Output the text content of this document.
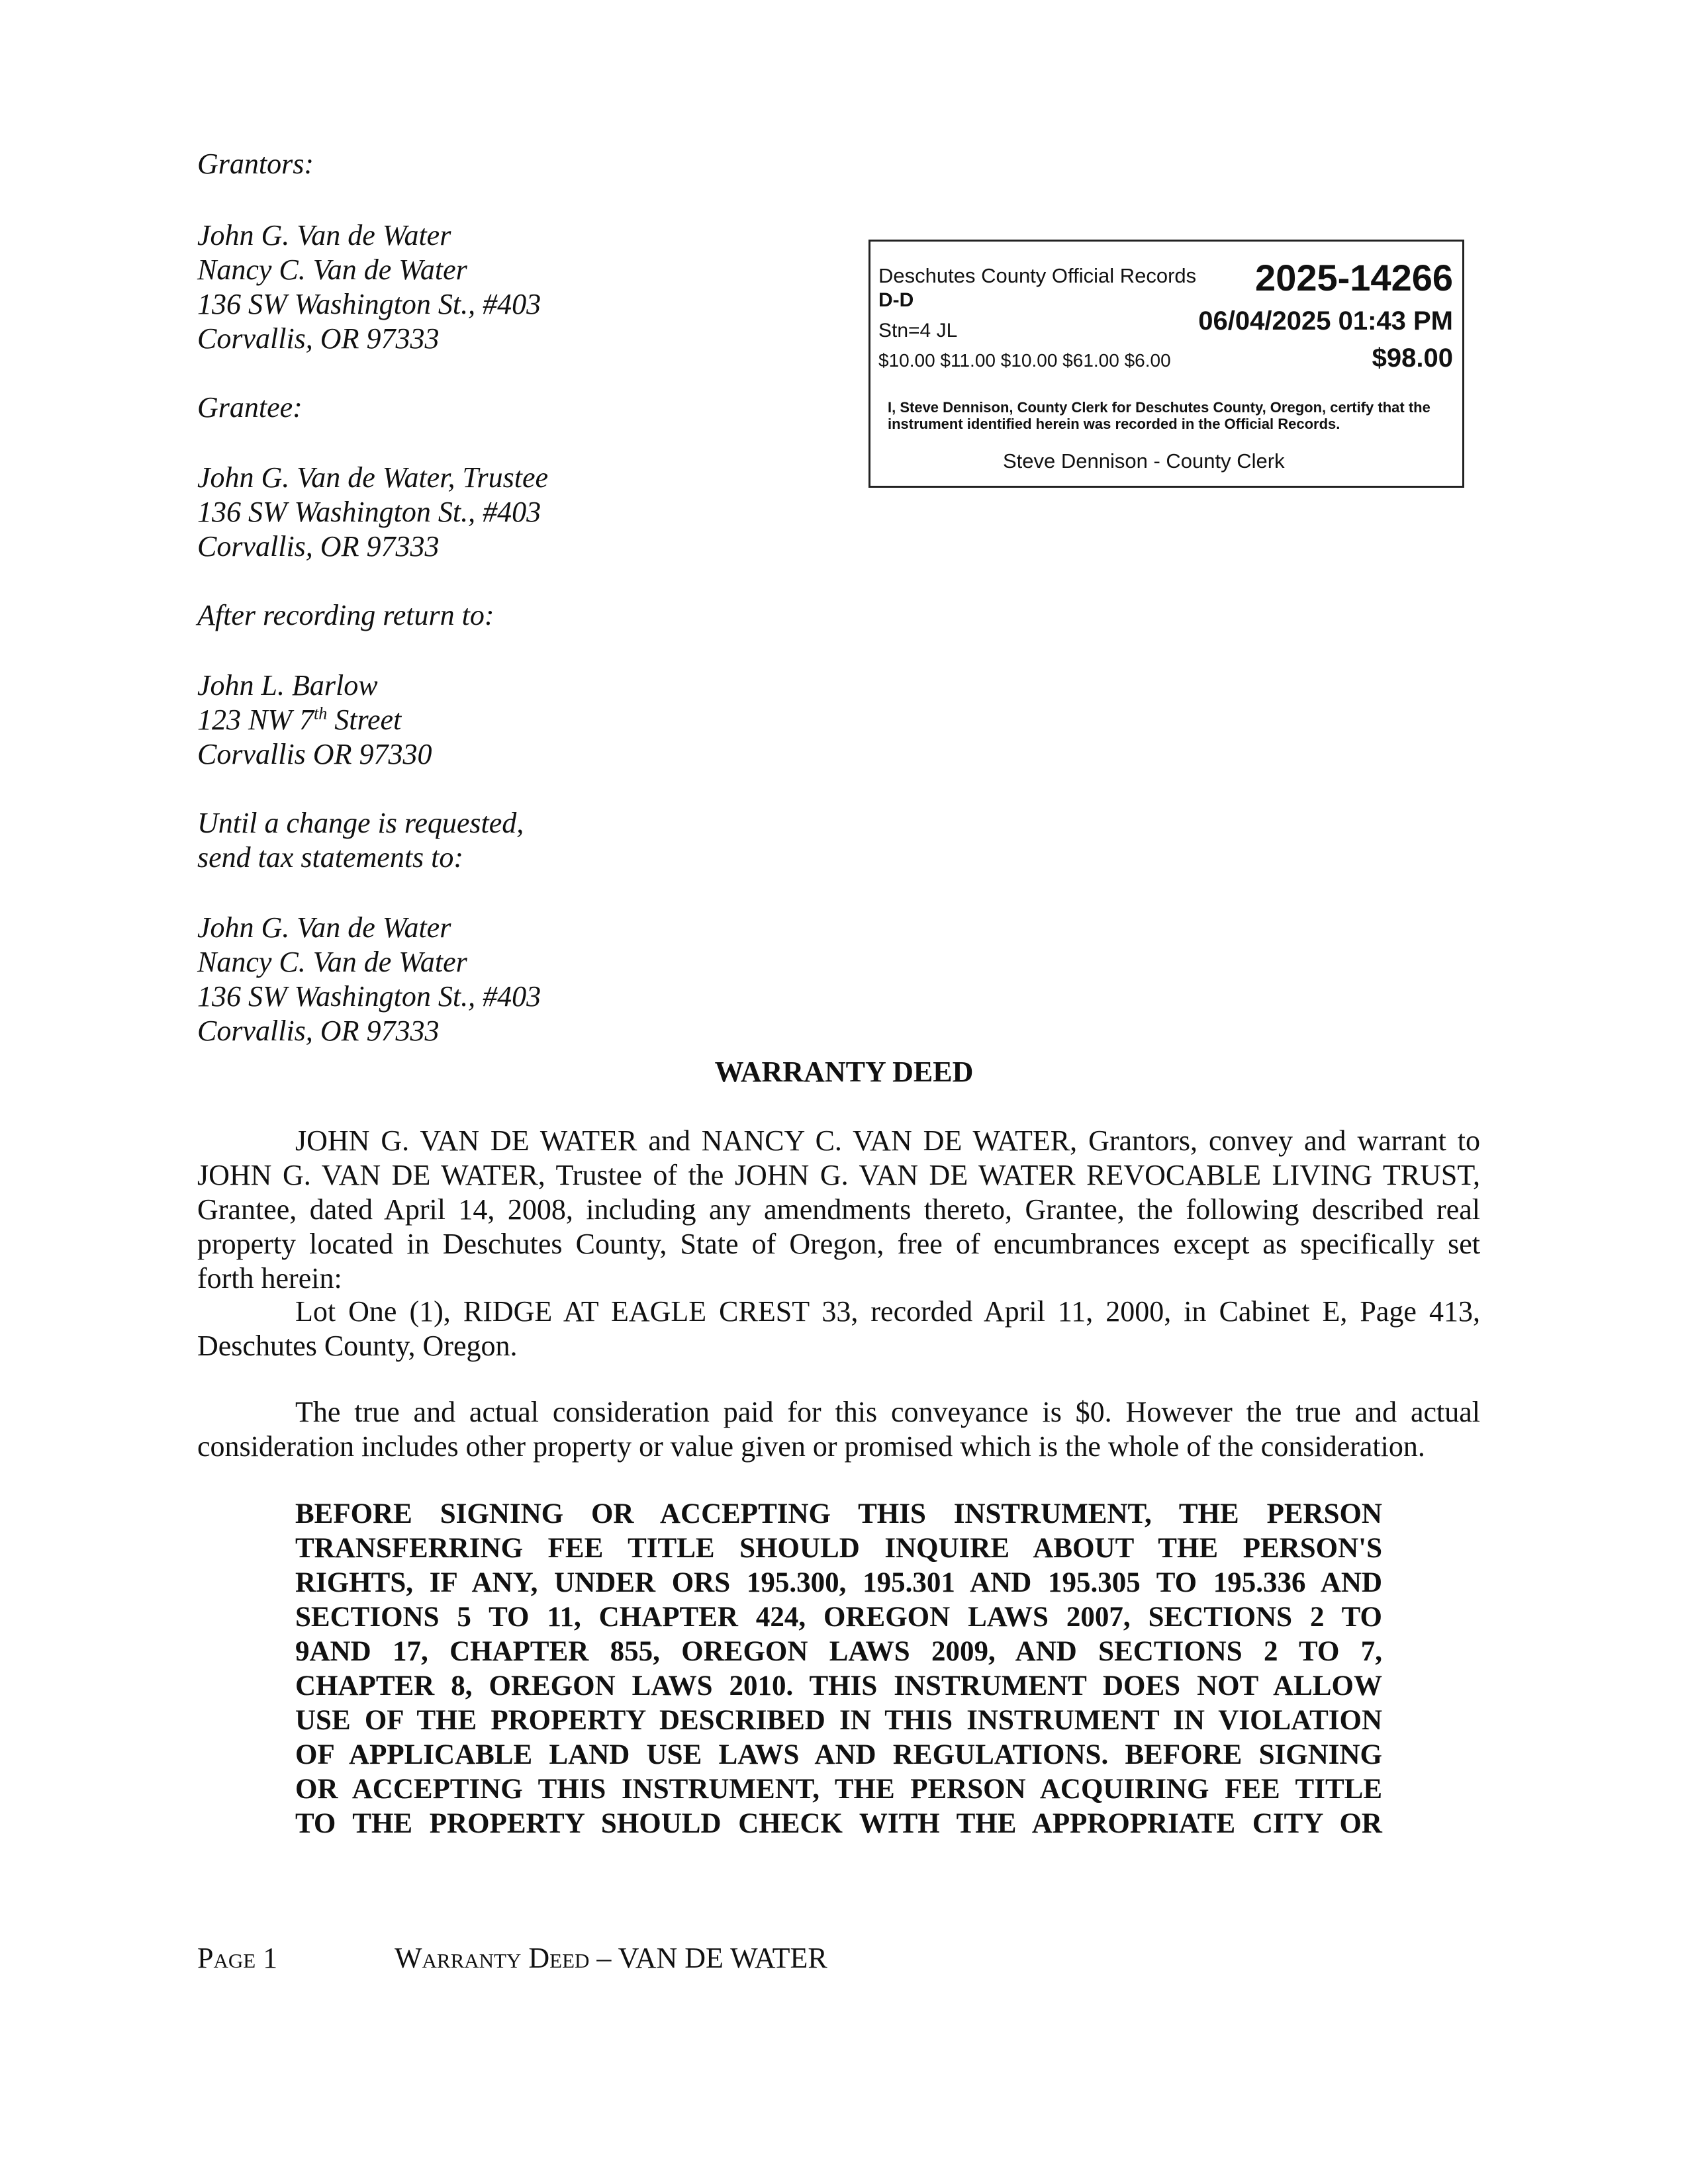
Grantors:
John G. Van de Water
Nancy C. Van de Water
136 SW Washington St., #403
Corvallis, OR 97333
Grantee:
John G. Van de Water, Trustee
136 SW Washington St., #403
Corvallis, OR 97333
After recording return to:
John L. Barlow
123 NW 7th Street
Corvallis OR 97330
Until a change is requested,
send tax statements to:
John G. Van de Water
Nancy C. Van de Water
136 SW Washington St., #403
Corvallis, OR 97333
Deschutes County Official Records 2025-14266
D-D
Stn=4 JL	06/04/2025 01:43 PM
$10.00 $11.00 $10.00 $61.00 $6.00	$98.00
I, Steve Dennison, County Clerk for Deschutes County, Oregon, certify that the instrument identified herein was recorded in the Official Records.
Steve Dennison - County Clerk
WARRANTY DEED
JOHN G. VAN DE WATER and NANCY C. VAN DE WATER, Grantors, convey and warrant to
JOHN G. VAN DE WATER, Trustee of the JOHN G. VAN DE WATER REVOCABLE LIVING TRUST,
Grantee, dated April 14, 2008, including any amendments thereto, Grantee, the following described real
property located in Deschutes County, State of Oregon, free of encumbrances except as specifically set
forth herein:
Lot One (1), RIDGE AT EAGLE CREST 33, recorded April 11, 2000, in Cabinet E, Page 413,
Deschutes County, Oregon.
The true and actual consideration paid for this conveyance is $0. However the true and actual
consideration includes other property or value given or promised which is the whole of the consideration.
BEFORE SIGNING OR ACCEPTING THIS INSTRUMENT, THE PERSON
TRANSFERRING FEE TITLE SHOULD INQUIRE ABOUT THE PERSON'S
RIGHTS, IF ANY, UNDER ORS 195.300, 195.301 AND 195.305 TO 195.336 AND
SECTIONS 5 TO 11, CHAPTER 424, OREGON LAWS 2007, SECTIONS 2 TO
9AND 17, CHAPTER 855, OREGON LAWS 2009, AND SECTIONS 2 TO 7,
CHAPTER 8, OREGON LAWS 2010. THIS INSTRUMENT DOES NOT ALLOW
USE OF THE PROPERTY DESCRIBED IN THIS INSTRUMENT IN VIOLATION
OF APPLICABLE LAND USE LAWS AND REGULATIONS. BEFORE SIGNING
OR ACCEPTING THIS INSTRUMENT, THE PERSON ACQUIRING FEE TITLE
TO THE PROPERTY SHOULD CHECK WITH THE APPROPRIATE CITY OR
Page 1	Warranty Deed – VAN DE WATER
